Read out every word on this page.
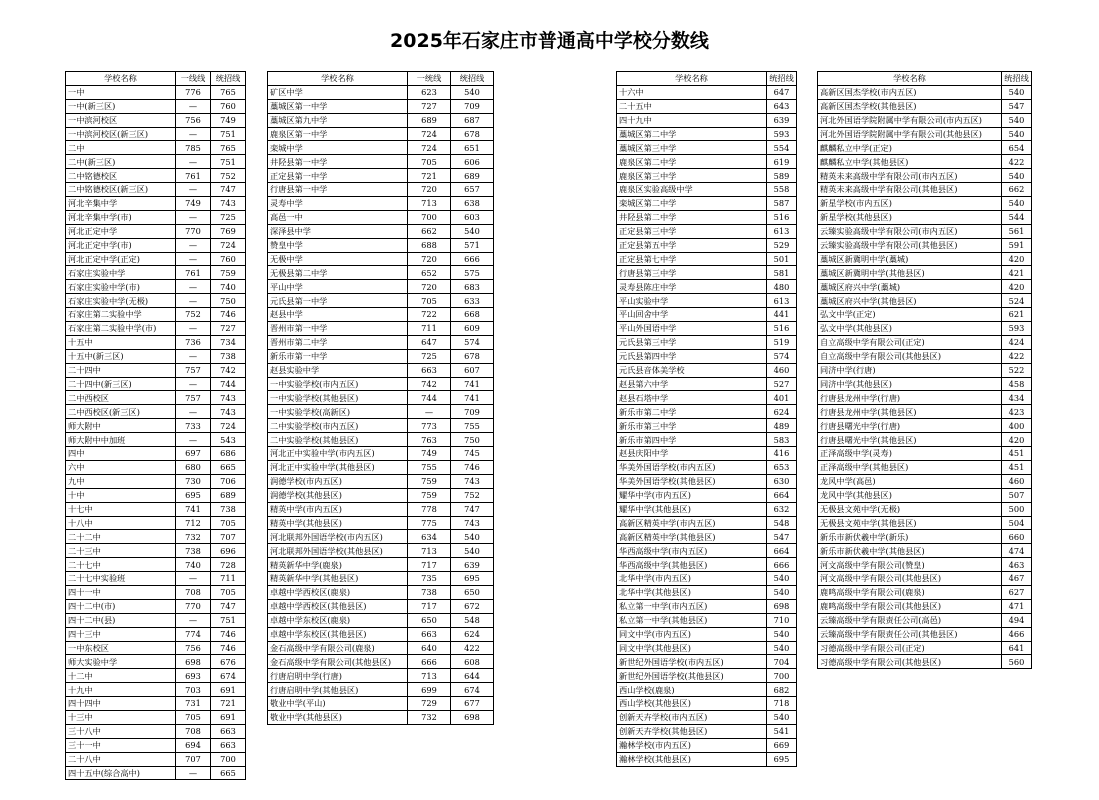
2025年石家庄市普通高中学校分数线
学校名称	一线线	统招线
一中	776	765
一中(新三区)	—	760
一中滨河校区	756	749
一中滨河校区(新三区)	—	751
二中	785	765
二中(新三区)	—	751
二中铭德校区	761	752
二中铭德校区(新三区)	—	747
河北辛集中学	749	743
河北辛集中学(市)	—	725
河北正定中学	770	769
河北正定中学(市)	—	724
河北正定中学(正定)	—	760
石家庄实验中学	761	759
石家庄实验中学(市)	—	740
石家庄实验中学(无极)	—	750
石家庄第二实验中学	752	746
石家庄第二实验中学(市)	—	727
十五中	736	734
十五中(新三区)	—	738
二十四中	757	742
二十四中(新三区)	—	744
二中西校区	757	743
二中西校区(新三区)	—	743
师大附中	733	724
师大附中中加班	—	543
四中	697	686
六中	680	665
九中	730	706
十中	695	689
十七中	741	738
十八中	712	705
二十二中	732	707
二十三中	738	696
二十七中	740	728
二十七中实验班	—	711
四十一中	708	705
四十二中(市)	770	747
四十二中(县)	—	751
四十三中	774	746
一中东校区	756	746
师大实验中学	698	676
十二中	693	674
十九中	703	691
四十四中	731	721
十三中	705	691
三十八中	708	663
三十一中	694	663
二十八中	707	700
四十五中(综合高中)	—	665
学校名称	一统线	统招线
矿区中学	623	540
藁城区第一中学	727	709
藁城区第九中学	689	687
鹿泉区第一中学	724	678
栾城中学	724	651
井陉县第一中学	705	606
正定县第一中学	721	689
行唐县第一中学	720	657
灵寿中学	713	638
高邑一中	700	603
深泽县中学	662	540
赞皇中学	688	571
无极中学	720	666
无极县第二中学	652	575
平山中学	720	683
元氏县第一中学	705	633
赵县中学	722	668
晋州市第一中学	711	609
晋州市第二中学	647	574
新乐市第一中学	725	678
赵县实验中学	663	607
一中实验学校(市内五区)	742	741
一中实验学校(其他县区)	744	741
一中实验学校(高新区)	—	709
二中实验学校(市内五区)	773	755
二中实验学校(其他县区)	763	750
河北正中实验中学(市内五区)	749	745
河北正中实验中学(其他县区)	755	746
润德学校(市内五区)	759	743
润德学校(其他县区)	759	752
精英中学(市内五区)	778	747
精英中学(其他县区)	775	743
河北联邦外国语学校(市内五区)	634	540
河北联邦外国语学校(其他县区)	713	540
精英新华中学(鹿泉)	717	639
精英新华中学(其他县区)	735	695
卓越中学西校区(鹿泉)	738	650
卓越中学西校区(其他县区)	717	672
卓越中学东校区(鹿泉)	650	548
卓越中学东校区(其他县区)	663	624
金石高级中学有限公司(鹿泉)	640	422
金石高级中学有限公司(其他县区)	666	608
行唐启明中学(行唐)	713	644
行唐启明中学(其他县区)	699	674
敬业中学(平山)	729	677
敬业中学(其他县区)	732	698
学校名称	统招线
十六中	647
二十五中	643
四十九中	639
藁城区第二中学	593
藁城区第三中学	554
鹿泉区第二中学	619
鹿泉区第三中学	589
鹿泉区实验高级中学	558
栾城区第二中学	587
井陉县第二中学	516
正定县第三中学	613
正定县第五中学	529
正定县第七中学	501
行唐县第三中学	581
灵寿县陈庄中学	480
平山实验中学	613
平山回舍中学	441
平山外国语中学	516
元氏县第三中学	519
元氏县第四中学	574
元氏县音体美学校	460
赵县第六中学	527
赵县石塔中学	401
新乐市第二中学	624
新乐市第三中学	489
新乐市第四中学	583
赵县庆阳中学	416
华美外国语学校(市内五区)	653
华美外国语学校(其他县区)	630
耀华中学(市内五区)	664
耀华中学(其他县区)	632
高新区精英中学(市内五区)	548
高新区精英中学(其他县区)	547
华西高级中学(市内五区)	664
华西高级中学(其他县区)	666
北华中学(市内五区)	540
北华中学(其他县区)	540
私立第一中学(市内五区)	698
私立第一中学(其他县区)	710
同文中学(市内五区)	540
同文中学(其他县区)	540
新世纪外国语学校(市内五区)	704
新世纪外国语学校(其他县区)	700
西山学校(鹿泉)	682
西山学校(其他县区)	718
创新天卉学校(市内五区)	540
创新天卉学校(其他县区)	541
瀚林学校(市内五区)	669
瀚林学校(其他县区)	695
学校名称	统招线
高新区国杰学校(市内五区)	540
高新区国杰学校(其他县区)	547
河北外国语学院附属中学有限公司(市内五区)	540
河北外国语学院附属中学有限公司(其他县区)	540
麒麟私立中学(正定)	654
麒麟私立中学(其他县区)	422
精英未来高级中学有限公司(市内五区)	540
精英未来高级中学有限公司(其他县区)	662
新星学校(市内五区)	540
新星学校(其他县区)	544
云臻实验高级中学有限公司(市内五区)	561
云臻实验高级中学有限公司(其他县区)	591
藁城区新冀明中学(藁城)	420
藁城区新冀明中学(其他县区)	421
藁城区府兴中学(藁城)	420
藁城区府兴中学(其他县区)	524
弘文中学(正定)	621
弘文中学(其他县区)	593
自立高级中学有限公司(正定)	424
自立高级中学有限公司(其他县区)	422
同济中学(行唐)	522
同济中学(其他县区)	458
行唐县龙州中学(行唐)	434
行唐县龙州中学(其他县区)	423
行唐县曙光中学(行唐)	400
行唐县曙光中学(其他县区)	420
正泽高级中学(灵寿)	451
正泽高级中学(其他县区)	451
龙风中学(高邑)	460
龙风中学(其他县区)	507
无极县文苑中学(无极)	500
无极县文苑中学(其他县区)	504
新乐市新伏羲中学(新乐)	660
新乐市新伏羲中学(其他县区)	474
河文高级中学有限公司(赞皇)	463
河文高级中学有限公司(其他县区)	467
鹿鸣高级中学有限公司(鹿泉)	627
鹿鸣高级中学有限公司(其他县区)	471
云臻高级中学有限责任公司(高邑)	494
云臻高级中学有限责任公司(其他县区)	466
习德高级中学有限公司(正定)	641
习德高级中学有限公司(其他县区)	560
